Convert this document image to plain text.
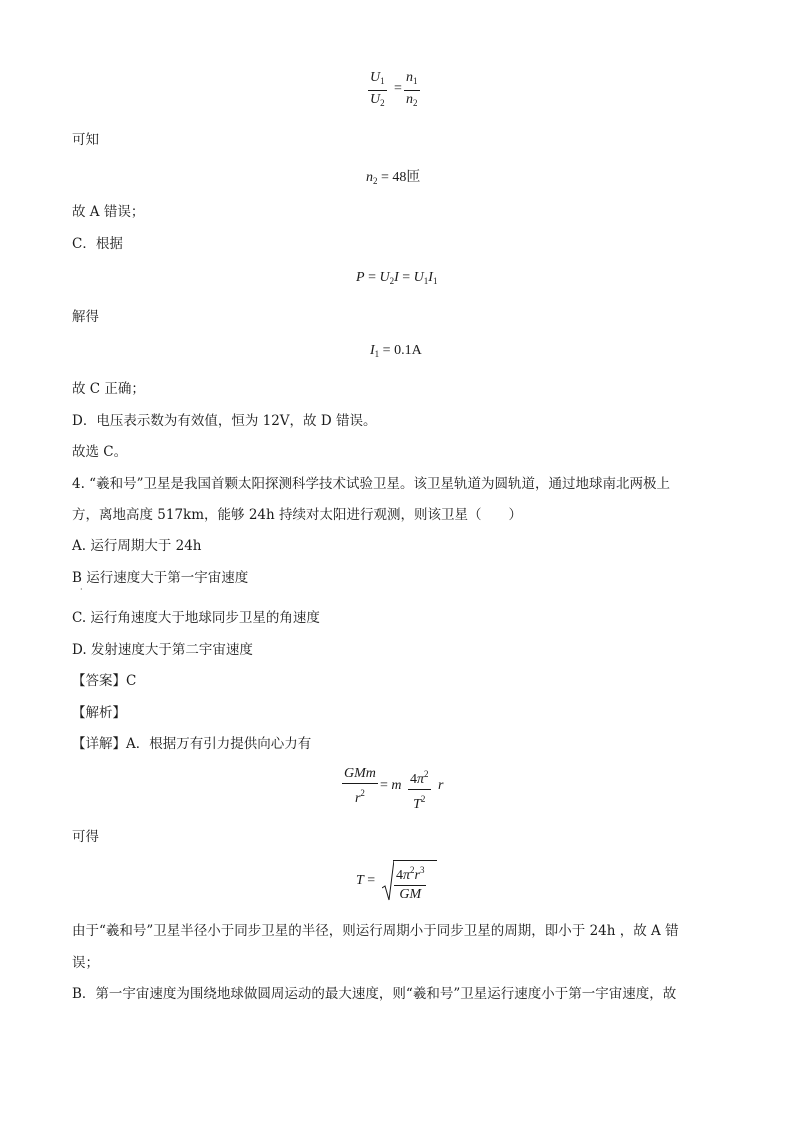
$U_1$
$U_2$
=
$n_1$
$n_2$
可知
$n_2 = 48$匝
故 A 错误；
C．根据
$P = U_2I = U_1I_1$
解得
$I_1 = 0.1A$
故 C 正确；
D．电压表示数为有效值，恒为 12V，故 D 错误。
故选 C。
4. “羲和号”卫星是我国首颗太阳探测科学技术试验卫星。该卫星轨道为圆轨道，通过地球南北两极上
方，离地高度 517km，能够 24h 持续对太阳进行观测，则该卫星（　　）
A. 运行周期大于 24h
B 运行速度大于第一宇宙速度
·
C. 运行角速度大于地球同步卫星的角速度
D. 发射速度大于第二宇宙速度
【答案】C
【解析】
【详解】A．根据万有引力提供向心力有
GMm
$r^2 = m$ $4\pi^2$
$T^2$
r
可得
$T = 4\pi^2r^3$
GM
由于“羲和号”卫星半径小于同步卫星的半径，则运行周期小于同步卫星的周期，即小于 24h ，故 A 错
误；
B．第一宇宙速度为围绕地球做圆周运动的最大速度，则“羲和号”卫星运行速度小于第一宇宙速度，故
